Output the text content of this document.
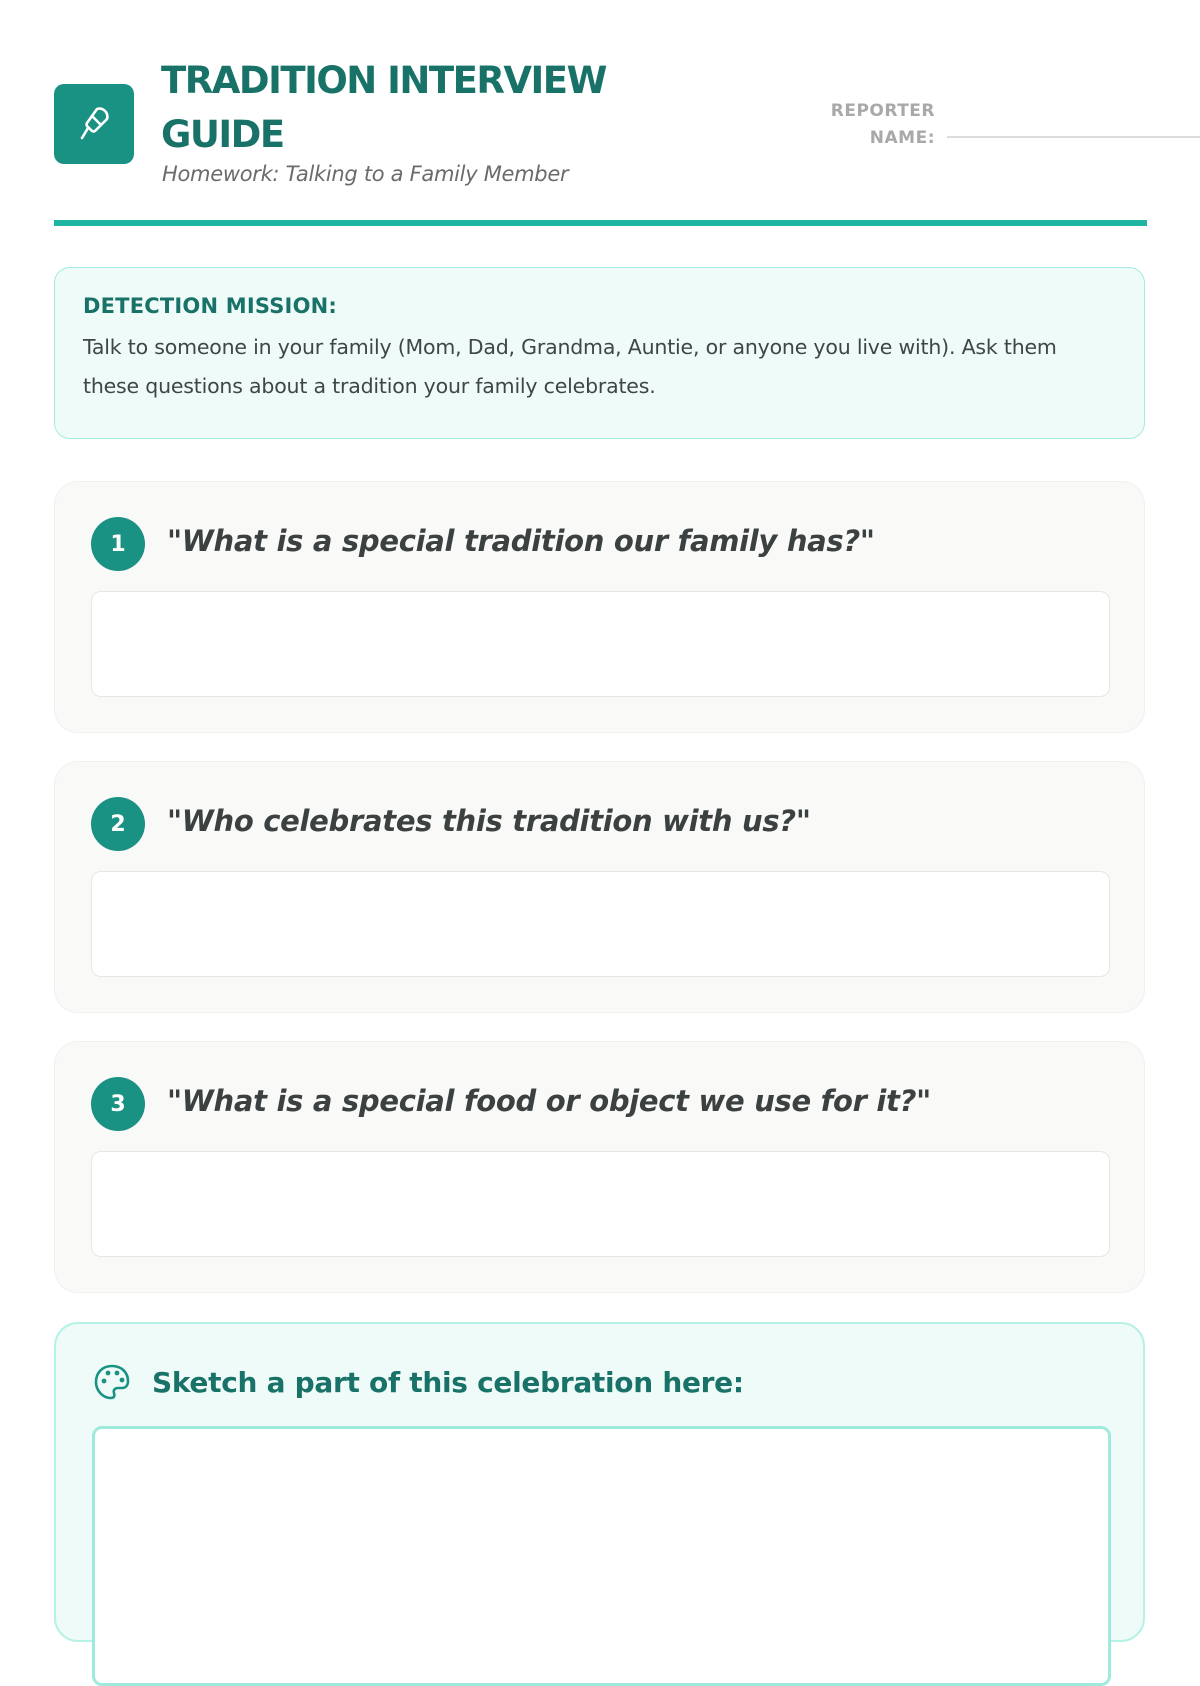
TRADITION INTERVIEW GUIDE
Homework: Talking to a Family Member
REPORTER NAME:

DETECTION MISSION:

Talk to someone in your family (Mom, Dad, Grandma, Auntie, or anyone you live with). Ask them these questions about a tradition your family celebrates.

1	"What is a special tradition our family has?"
2	"Who celebrates this tradition with us?"
3	"What is a special food or object we use for it?"
Sketch a part of this celebration here:
